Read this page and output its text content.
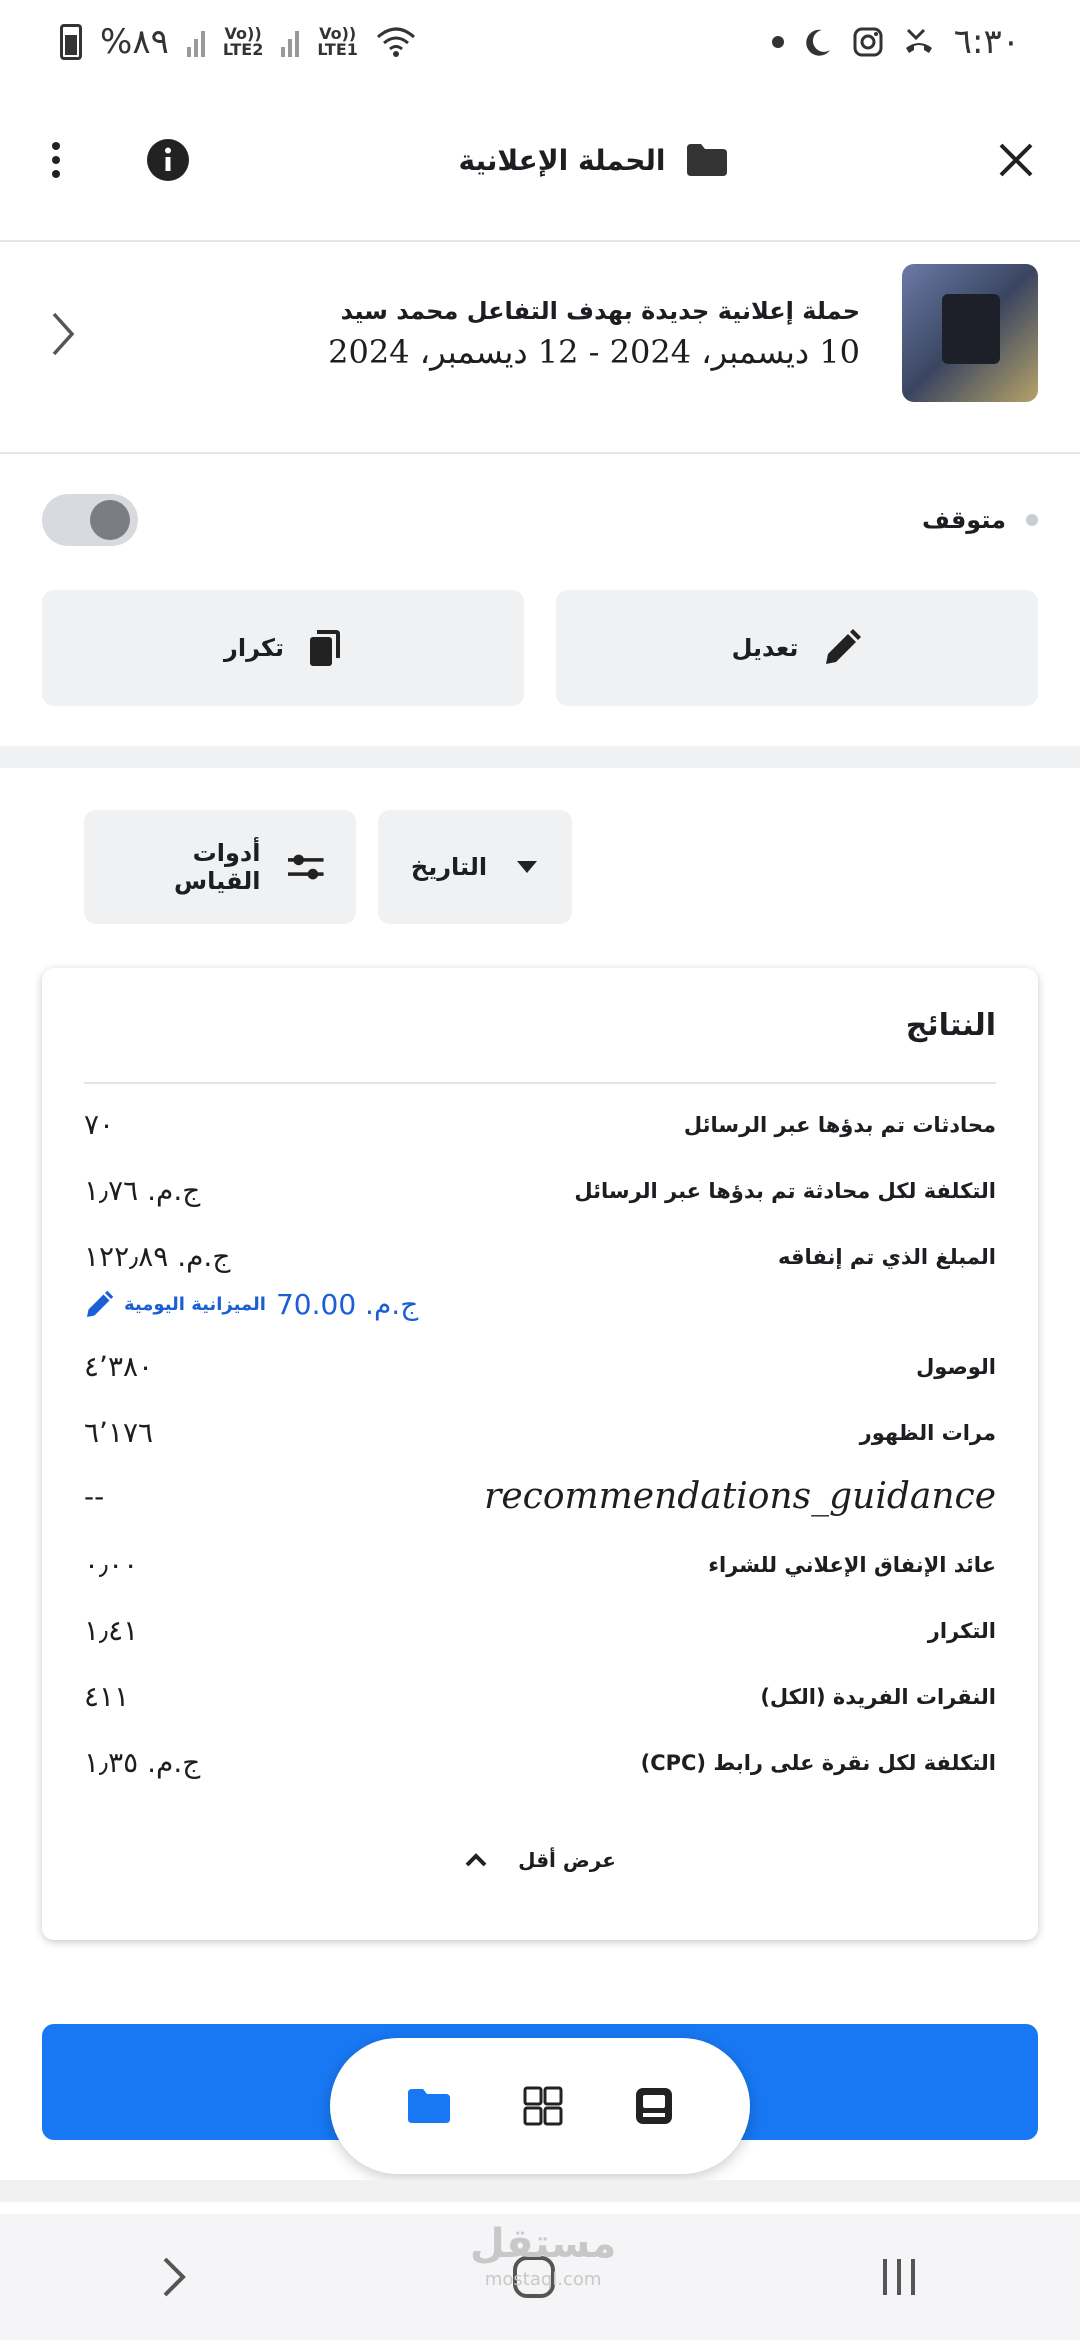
%٨٩	Vo))
LTE2
Vo))
LTE1	٦:٣٠
الحملة الإعلانية
حملة إعلانية جديدة بهدف التفاعل محمد سيد
10 ديسمبر، 2024 - 12 ديسمبر، 2024
متوقف
تكرار	تعديل
أدوات القياس	التاريخ
النتائج
٧٠	محادثات تم بدؤها عبر الرسائل
ج.م. ١٫٧٦	التكلفة لكل محادثة تم بدؤها عبر الرسائل
ج.م. ١٢٢٫٨٩	المبلغ الذي تم إنفاقه
الميزانية اليومية ج.م. 70.00
٤٬٣٨٠	الوصول
٦٬١٧٦	مرات الظهور
--	recommendations_guidance
٠٫٠٠	عائد الإنفاق الإعلاني للشراء
١٫٤١	التكرار
٤١١	النقرات الفريدة (الكل)
ج.م. ١٫٣٥	التكلفة لكل نقرة على رابط (CPC)
عرض أقل
مستقل
mostaql.com
